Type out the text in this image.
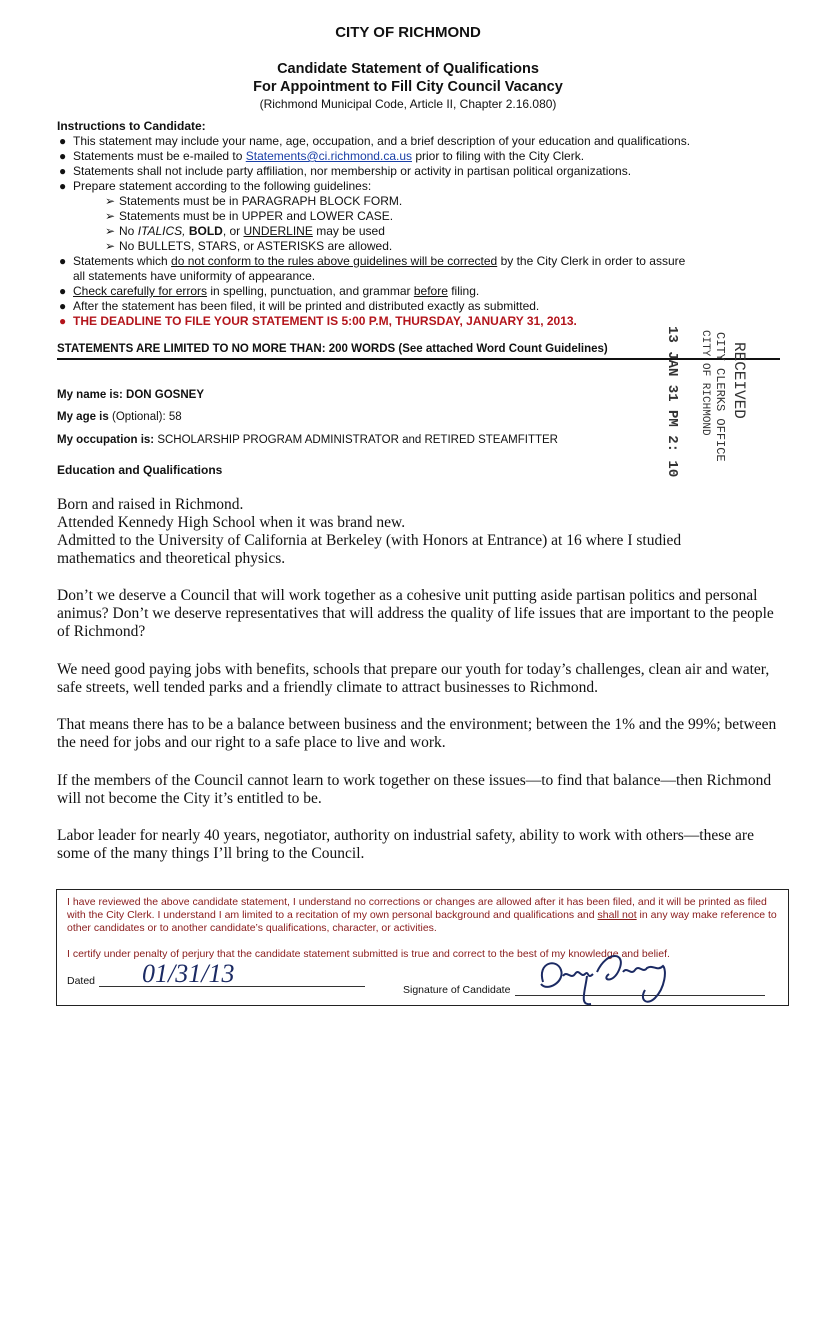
CITY OF RICHMOND
Candidate Statement of Qualifications
For Appointment to Fill City Council Vacancy
(Richmond Municipal Code, Article II, Chapter 2.16.080)
Instructions to Candidate:
● This statement may include your name, age, occupation, and a brief description of your education and qualifications.
● Statements must be e-mailed to Statements@ci.richmond.ca.us prior to filing with the City Clerk.
● Statements shall not include party affiliation, nor membership or activity in partisan political organizations.
● Prepare statement according to the following guidelines:
➢ Statements must be in PARAGRAPH BLOCK FORM.
➢ Statements must be in UPPER and LOWER CASE.
➢ No ITALICS, BOLD, or UNDERLINE may be used
➢ No BULLETS, STARS, or ASTERISKS are allowed.
● Statements which do not conform to the rules above guidelines will be corrected by the City Clerk in order to assure
all statements have uniformity of appearance.
● Check carefully for errors in spelling, punctuation, and grammar before filing.
● After the statement has been filed, it will be printed and distributed exactly as submitted.
● THE DEADLINE TO FILE YOUR STATEMENT IS 5:00 P.M, THURSDAY, JANUARY 31, 2013.
STATEMENTS ARE LIMITED TO NO MORE THAN: 200 WORDS (See attached Word Count Guidelines)	13 JAN 31 PM 2: 10 CITY OF RICHMOND CITY CLERKS OFFICE RECEIVED
My name is: DON GOSNEY
My age is (Optional): 58
My occupation is: SCHOLARSHIP PROGRAM ADMINISTRATOR and RETIRED STEAMFITTER
Education and Qualifications

Born and raised in Richmond.

Attended Kennedy High School when it was brand new.

Admitted to the University of California at Berkeley (with Honors at Entrance) at 16 where I studied

mathematics and theoretical physics.

Don’t we deserve a Council that will work together as a cohesive unit putting aside partisan politics and personal animus? Don’t we deserve representatives that will address the quality of life issues that are important to the people of Richmond?
We need good paying jobs with benefits, schools that prepare our youth for today’s challenges, clean air and water, safe streets, well tended parks and a friendly climate to attract businesses to Richmond.
That means there has to be a balance between business and the environment; between the 1% and the 99%; between the need for jobs and our right to a safe place to live and work.
If the members of the Council cannot learn to work together on these issues—to find that balance—then Richmond will not become the City it’s entitled to be.
Labor leader for nearly 40 years, negotiator, authority on industrial safety, ability to work with others—these are some of the many things I’ll bring to the Council.
I have reviewed the above candidate statement, I understand no corrections or changes are allowed after it has been filed, and it will be printed as filed with the City Clerk. I understand I am limited to a recitation of my own personal background and qualifications and shall not in any way make reference to other candidates or to another candidate’s qualifications, character, or activities.
I certify under penalty of perjury that the candidate statement submitted is true and correct to the best of my knowledge and belief.
Dated 01/31/13
Signature of Candidate
